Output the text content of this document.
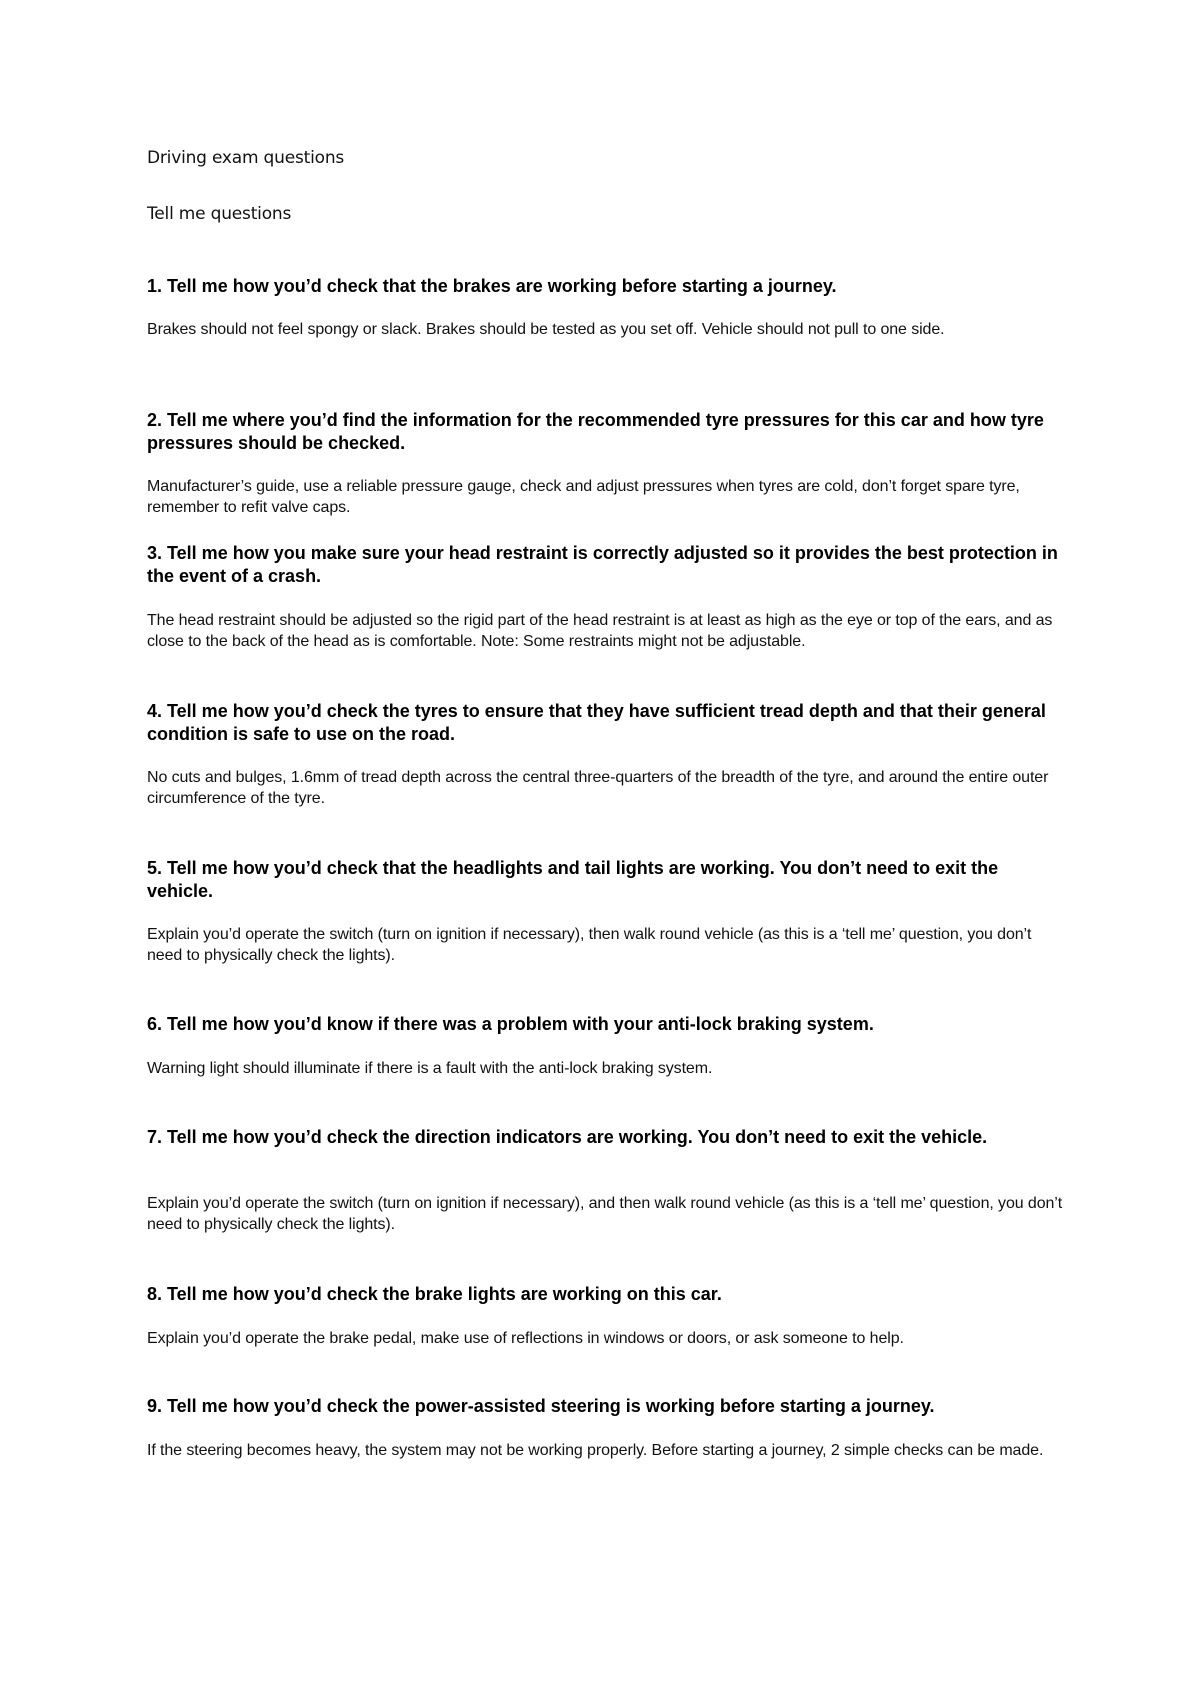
Driving exam questions

Tell me questions

1. Tell me how you’d check that the brakes are working before starting a journey.

Brakes should not feel spongy or slack. Brakes should be tested as you set off. Vehicle should not pull to one side.

2. Tell me where you’d find the information for the recommended tyre pressures for this car and how tyre pressures should be checked.

Manufacturer’s guide, use a reliable pressure gauge, check and adjust pressures when tyres are cold, don’t forget spare tyre, remember to refit valve caps.

3. Tell me how you make sure your head restraint is correctly adjusted so it provides the best protection in the event of a crash.

The head restraint should be adjusted so the rigid part of the head restraint is at least as high as the eye or top of the ears, and as close to the back of the head as is comfortable. Note: Some restraints might not be adjustable.

4. Tell me how you’d check the tyres to ensure that they have sufficient tread depth and that their general condition is safe to use on the road.

No cuts and bulges, 1.6mm of tread depth across the central three-quarters of the breadth of the tyre, and around the entire outer circumference of the tyre.

5. Tell me how you’d check that the headlights and tail lights are working. You don’t need to exit the vehicle.

Explain you’d operate the switch (turn on ignition if necessary), then walk round vehicle (as this is a ‘tell me’ question, you don’t need to physically check the lights).

6. Tell me how you’d know if there was a problem with your anti-lock braking system.

Warning light should illuminate if there is a fault with the anti-lock braking system.

7. Tell me how you’d check the direction indicators are working. You don’t need to exit the vehicle.

Explain you’d operate the switch (turn on ignition if necessary), and then walk round vehicle (as this is a ‘tell me’ question, you don’t need to physically check the lights).

8. Tell me how you’d check the brake lights are working on this car.

Explain you’d operate the brake pedal, make use of reflections in windows or doors, or ask someone to help.

9. Tell me how you’d check the power-assisted steering is working before starting a journey.

If the steering becomes heavy, the system may not be working properly. Before starting a journey, 2 simple checks can be made.
